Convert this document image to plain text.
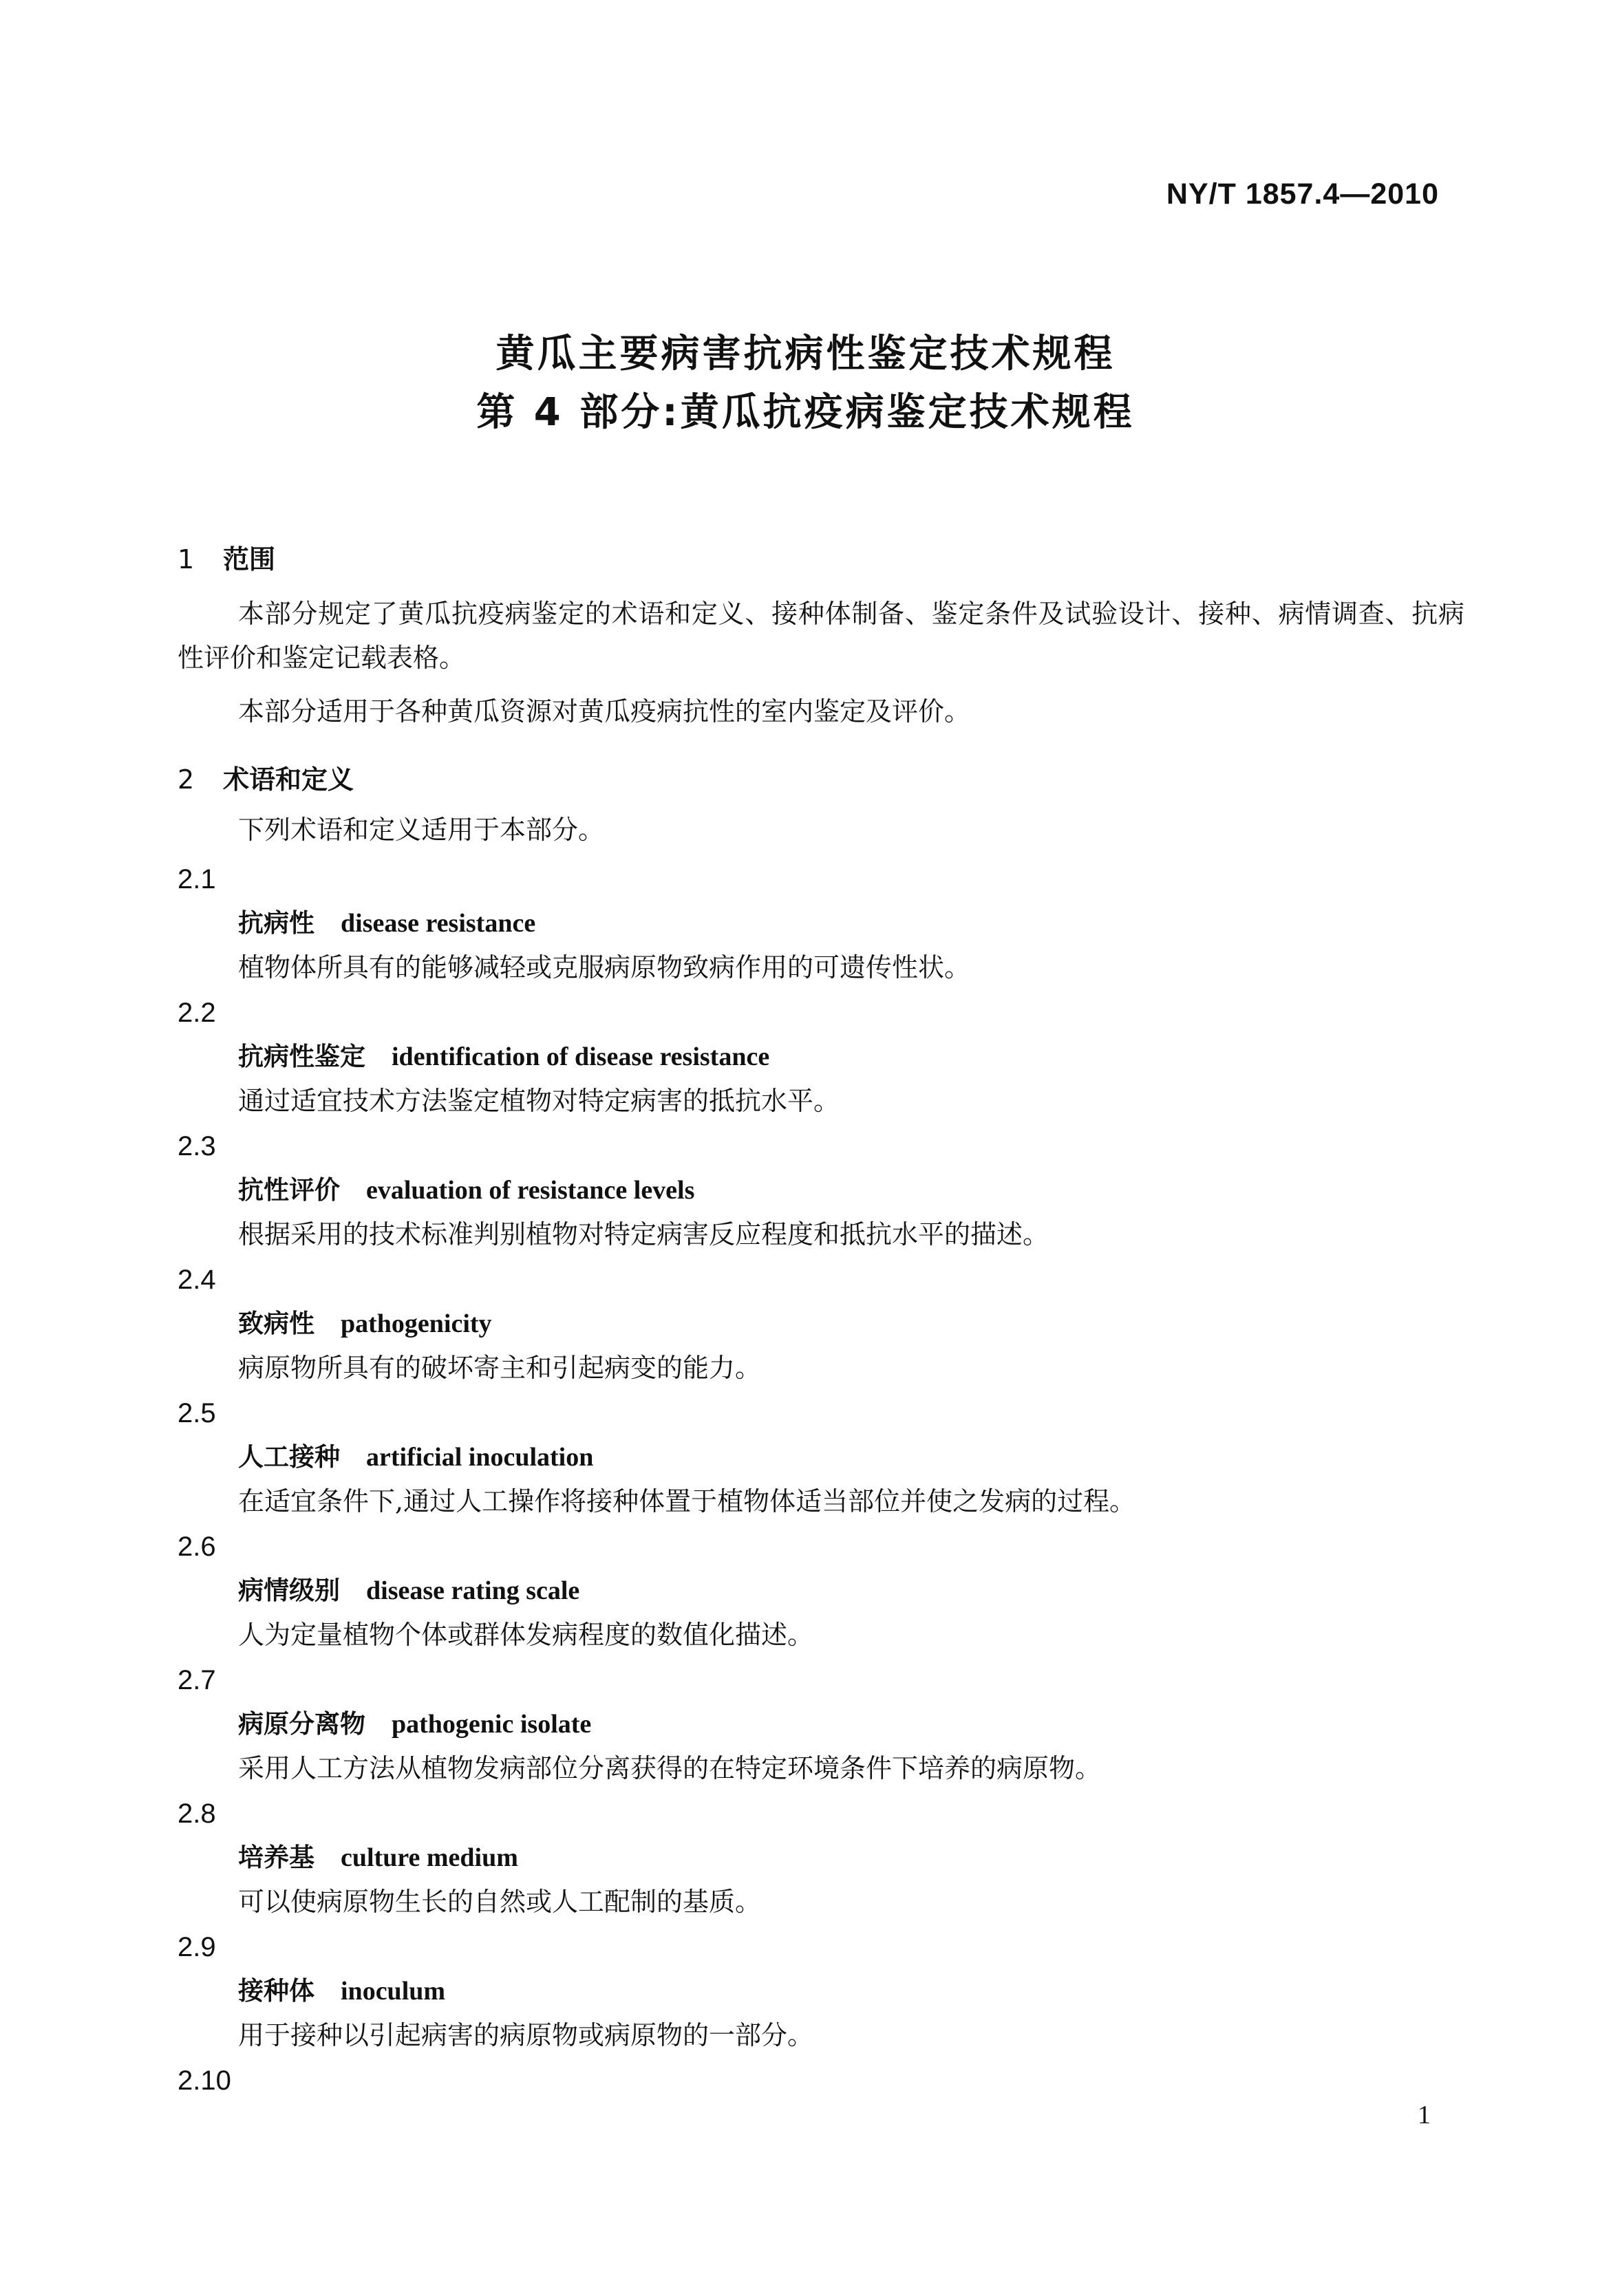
NY/T 1857.4—2010
黄瓜主要病害抗病性鉴定技术规程
第 4 部分:黄瓜抗疫病鉴定技术规程
1	范围
本部分规定了黄瓜抗疫病鉴定的术语和定义、接种体制备、鉴定条件及试验设计、接种、病情调查、抗病性评价和鉴定记载表格。
本部分适用于各种黄瓜资源对黄瓜疫病抗性的室内鉴定及评价。
2	术语和定义
下列术语和定义适用于本部分。
2.1
抗病性 disease resistance
植物体所具有的能够减轻或克服病原物致病作用的可遗传性状。
2.2
抗病性鉴定 identification of disease resistance
通过适宜技术方法鉴定植物对特定病害的抵抗水平。
2.3
抗性评价 evaluation of resistance levels
根据采用的技术标准判别植物对特定病害反应程度和抵抗水平的描述。
2.4
致病性 pathogenicity
病原物所具有的破坏寄主和引起病变的能力。
2.5
人工接种 artificial inoculation
在适宜条件下,通过人工操作将接种体置于植物体适当部位并使之发病的过程。
2.6
病情级别 disease rating scale
人为定量植物个体或群体发病程度的数值化描述。
2.7
病原分离物 pathogenic isolate
采用人工方法从植物发病部位分离获得的在特定环境条件下培养的病原物。
2.8
培养基 culture medium
可以使病原物生长的自然或人工配制的基质。
2.9
接种体 inoculum
用于接种以引起病害的病原物或病原物的一部分。
2.10
1
